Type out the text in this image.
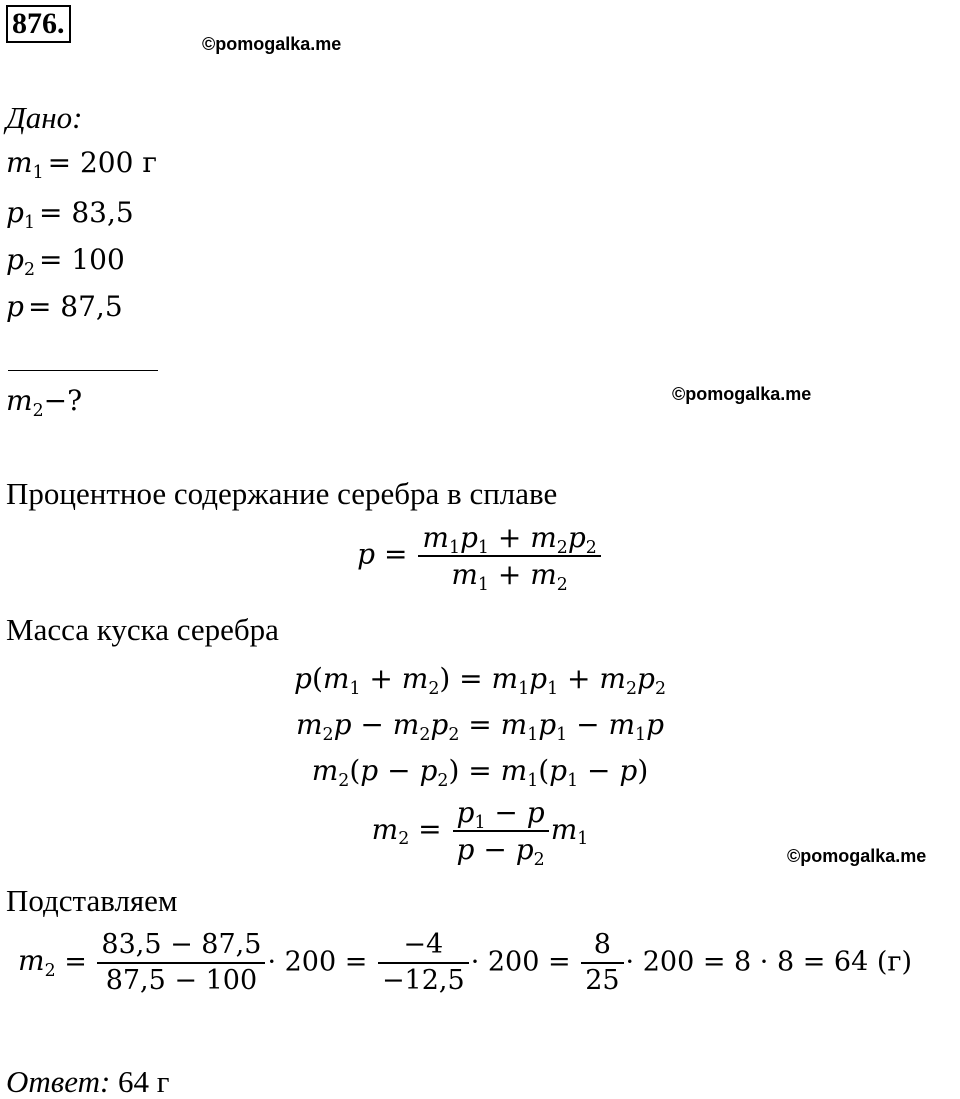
876.
©pomogalka.me
Дано:
m1 = 200 г
p1 = 83,5
p2 = 100
p = 87,5
m2−?	©pomogalka.me
Процентное содержание серебра в сплаве
$p = \frac{m1p1 + m2p2}{m1 + m2}$
Масса куска серебра
p(m1 + m2) = m1p1 + m2p2
m2p − m2p2 = m1p1 − m1p
m2(p − p2) = m1(p1 − p)
$m2 = \frac{p1 - p}{p - p2} m1$
©pomogalka.me
Подставляем
$m2 = \frac{83,5 - 87,5}{87,5 - 100} \cdot 200 = \frac{-4}{-12,5} \cdot 200 = \frac{8}{25} \cdot 200 = 8 \cdot 8 = 64$ (г)
Ответ: 64 г
